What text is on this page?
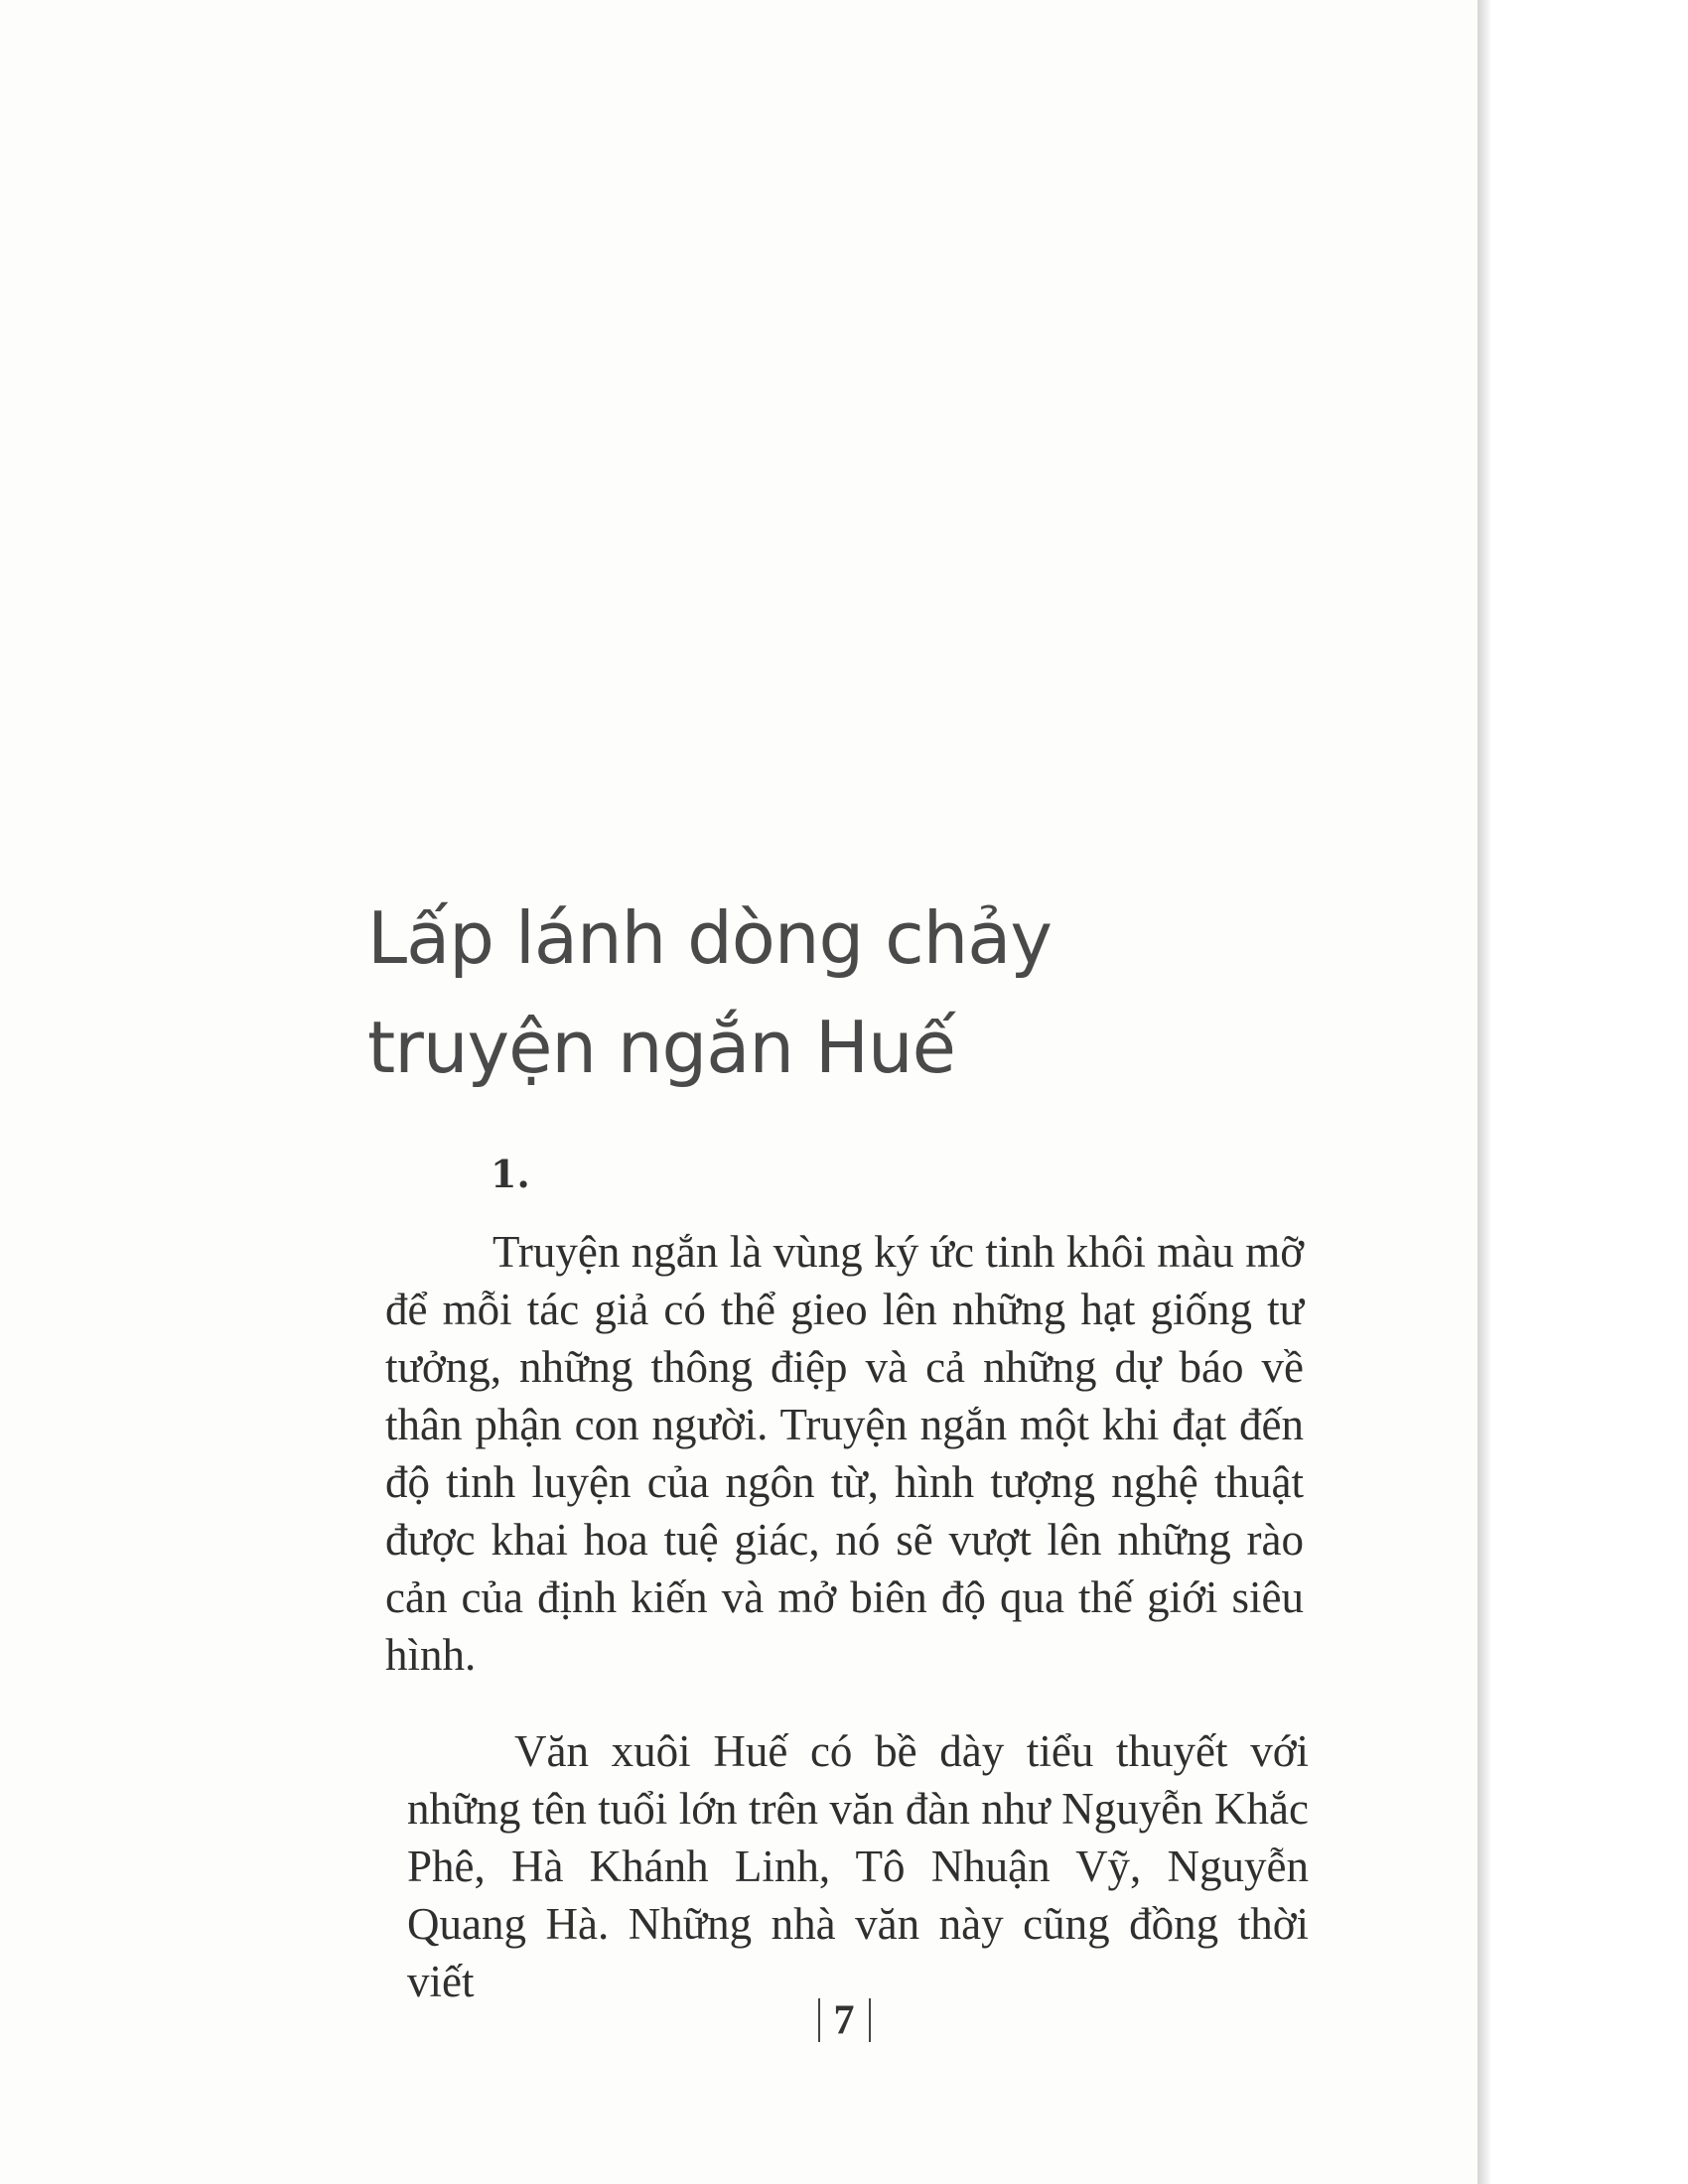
Lấp lánh dòng chảy
truyện ngắn Huế

1.

Truyện ngắn là vùng ký ức tinh khôi màu mỡ để mỗi tác giả có thể gieo lên những hạt giống tư tưởng, những thông điệp và cả những dự báo về thân phận con người. Truyện ngắn một khi đạt đến độ tinh luyện của ngôn từ, hình tượng nghệ thuật được khai hoa tuệ giác, nó sẽ vượt lên những rào cản của định kiến và mở biên độ qua thế giới siêu hình.

Văn xuôi Huế có bề dày tiểu thuyết với những tên tuổi lớn trên văn đàn như Nguyễn Khắc Phê, Hà Khánh Linh, Tô Nhuận Vỹ, Nguyễn Quang Hà. Những nhà văn này cũng đồng thời viết

7
